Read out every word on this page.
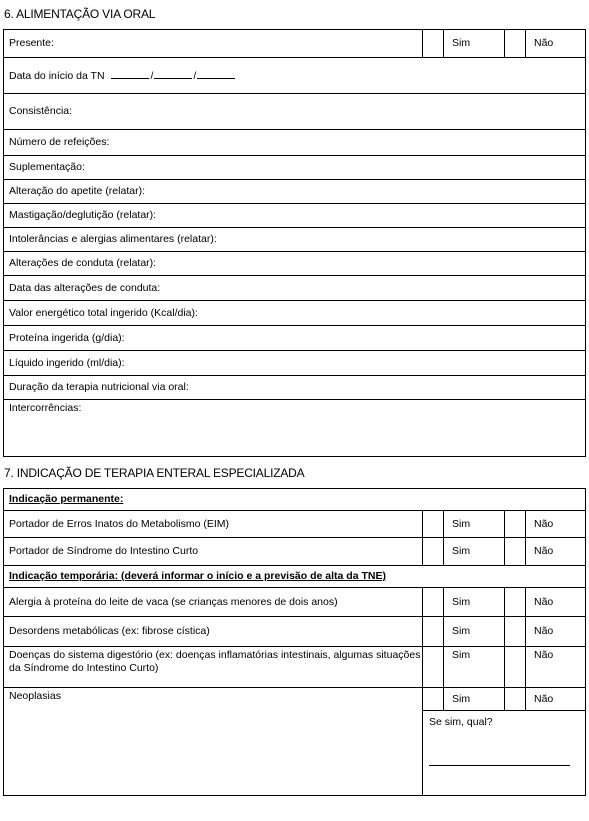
6. ALIMENTAÇÃO VIA ORAL
Presente:		Sim		Não
Data do início da TN	/	/
Consistência:
Número de refeições:
Suplementação:
Alteração do apetite (relatar):
Mastigação/deglutição (relatar):
Intolerâncias e alergias alimentares (relatar):
Alterações de conduta (relatar):
Data das alterações de conduta:
Valor energético total ingerido (Kcal/dia):
Proteína ingerida (g/dia):
Líquido ingerido (ml/dia):
Duração da terapia nutricional via oral:
Intercorrências:
7. INDICAÇÃO DE TERAPIA ENTERAL ESPECIALIZADA
Indicação permanente:				
Portador de Erros Inatos do Metabolismo (EIM)		Sim		Não
Portador de Síndrome do Intestino Curto		Sim		Não
Indicação temporária: (deverá informar o início e a previsão de alta da TNE)				
Alergia à proteína do leite de vaca (se crianças menores de dois anos)		Sim		Não
Desordens metabólicas (ex: fibrose cística)		Sim		Não
Doenças do sistema digestório (ex: doenças inflamatórias intestinais, algumas situações da Síndrome do Intestino Curto)		Sim		Não
Neoplasias		Sim		Não

	Se sim, qual?			
